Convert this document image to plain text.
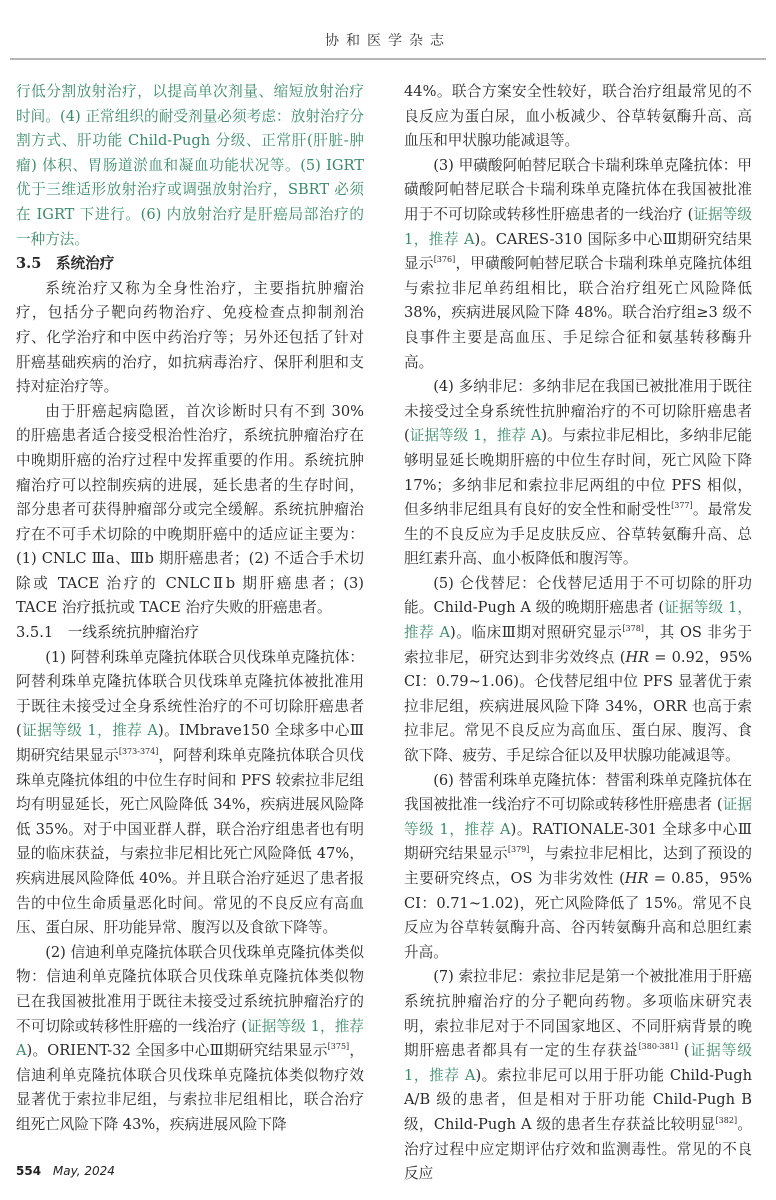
协和医学杂志

行低分割放射治疗，以提高单次剂量、缩短放射治疗时间。(4) 正常组织的耐受剂量必须考虑：放射治疗分割方式、肝功能 Child-Pugh 分级、正常肝(肝脏-肿瘤) 体积、胃肠道淤血和凝血功能状况等。(5) IGRT 优于三维适形放射治疗或调强放射治疗，SBRT 必须在 IGRT 下进行。(6) 内放射治疗是肝癌局部治疗的一种方法。

3.5　系统治疗

系统治疗又称为全身性治疗，主要指抗肿瘤治疗，包括分子靶向药物治疗、免疫检查点抑制剂治疗、化学治疗和中医中药治疗等；另外还包括了针对肝癌基础疾病的治疗，如抗病毒治疗、保肝利胆和支持对症治疗等。

由于肝癌起病隐匿，首次诊断时只有不到 30% 的肝癌患者适合接受根治性治疗，系统抗肿瘤治疗在中晚期肝癌的治疗过程中发挥重要的作用。系统抗肿瘤治疗可以控制疾病的进展，延长患者的生存时间，部分患者可获得肿瘤部分或完全缓解。系统抗肿瘤治疗在不可手术切除的中晚期肝癌中的适应证主要为：(1) CNLC Ⅲa、Ⅲb 期肝癌患者；(2) 不适合手术切除或 TACE 治疗的 CNLCⅡb 期肝癌患者；(3) TACE 治疗抵抗或 TACE 治疗失败的肝癌患者。

3.5.1　一线系统抗肿瘤治疗

(1) 阿替利珠单克隆抗体联合贝伐珠单克隆抗体：阿替利珠单克隆抗体联合贝伐珠单克隆抗体被批准用于既往未接受过全身系统性治疗的不可切除肝癌患者 (证据等级 1，推荐 A)。IMbrave150 全球多中心Ⅲ期研究结果显示[373-374]，阿替利珠单克隆抗体联合贝伐珠单克隆抗体组的中位生存时间和 PFS 较索拉非尼组均有明显延长，死亡风险降低 34%，疾病进展风险降低 35%。对于中国亚群人群，联合治疗组患者也有明显的临床获益，与索拉非尼相比死亡风险降低 47%，疾病进展风险降低 40%。并且联合治疗延迟了患者报告的中位生命质量恶化时间。常见的不良反应有高血压、蛋白尿、肝功能异常、腹泻以及食欲下降等。

(2) 信迪利单克隆抗体联合贝伐珠单克隆抗体类似物：信迪利单克隆抗体联合贝伐珠单克隆抗体类似物已在我国被批准用于既往未接受过系统抗肿瘤治疗的不可切除或转移性肝癌的一线治疗 (证据等级 1，推荐 A)。ORIENT-32 全国多中心Ⅲ期研究结果显示[375]，信迪利单克隆抗体联合贝伐珠单克隆抗体类似物疗效显著优于索拉非尼组，与索拉非尼组相比，联合治疗组死亡风险下降 43%，疾病进展风险下降

44%。联合方案安全性较好，联合治疗组最常见的不良反应为蛋白尿，血小板减少、谷草转氨酶升高、高血压和甲状腺功能减退等。

(3) 甲磺酸阿帕替尼联合卡瑞利珠单克隆抗体：甲磺酸阿帕替尼联合卡瑞利珠单克隆抗体在我国被批准用于不可切除或转移性肝癌患者的一线治疗 (证据等级 1，推荐 A)。CARES-310 国际多中心Ⅲ期研究结果显示[376]，甲磺酸阿帕替尼联合卡瑞利珠单克隆抗体组与索拉非尼单药组相比，联合治疗组死亡风险降低 38%，疾病进展风险下降 48%。联合治疗组≥3 级不良事件主要是高血压、手足综合征和氨基转移酶升高。

(4) 多纳非尼：多纳非尼在我国已被批准用于既往未接受过全身系统性抗肿瘤治疗的不可切除肝癌患者 (证据等级 1，推荐 A)。与索拉非尼相比，多纳非尼能够明显延长晚期肝癌的中位生存时间，死亡风险下降 17%；多纳非尼和索拉非尼两组的中位 PFS 相似，但多纳非尼组具有良好的安全性和耐受性[377]。最常发生的不良反应为手足皮肤反应、谷草转氨酶升高、总胆红素升高、血小板降低和腹泻等。

(5) 仑伐替尼：仑伐替尼适用于不可切除的肝功能。Child-Pugh A 级的晚期肝癌患者 (证据等级 1，推荐 A)。临床Ⅲ期对照研究显示[378]，其 OS 非劣于索拉非尼，研究达到非劣效终点 (HR = 0.92，95% CI：0.79~1.06)。仑伐替尼组中位 PFS 显著优于索拉非尼组，疾病进展风险下降 34%，ORR 也高于索拉非尼。常见不良反应为高血压、蛋白尿、腹泻、食欲下降、疲劳、手足综合征以及甲状腺功能减退等。

(6) 替雷利珠单克隆抗体：替雷利珠单克隆抗体在我国被批准一线治疗不可切除或转移性肝癌患者 (证据等级 1，推荐 A)。RATIONALE-301 全球多中心Ⅲ期研究结果显示[379]，与索拉非尼相比，达到了预设的主要研究终点，OS 为非劣效性 (HR = 0.85，95% CI：0.71~1.02)，死亡风险降低了 15%。常见不良反应为谷草转氨酶升高、谷丙转氨酶升高和总胆红素升高。

(7) 索拉非尼：索拉非尼是第一个被批准用于肝癌系统抗肿瘤治疗的分子靶向药物。多项临床研究表明，索拉非尼对于不同国家地区、不同肝病背景的晚期肝癌患者都具有一定的生存获益[380-381] (证据等级 1，推荐 A)。索拉非尼可以用于肝功能 Child-Pugh A/B 级的患者，但是相对于肝功能 Child-Pugh B 级，Child-Pugh A 级的患者生存获益比较明显[382]。治疗过程中应定期评估疗效和监测毒性。常见的不良反应

554 May, 2024
